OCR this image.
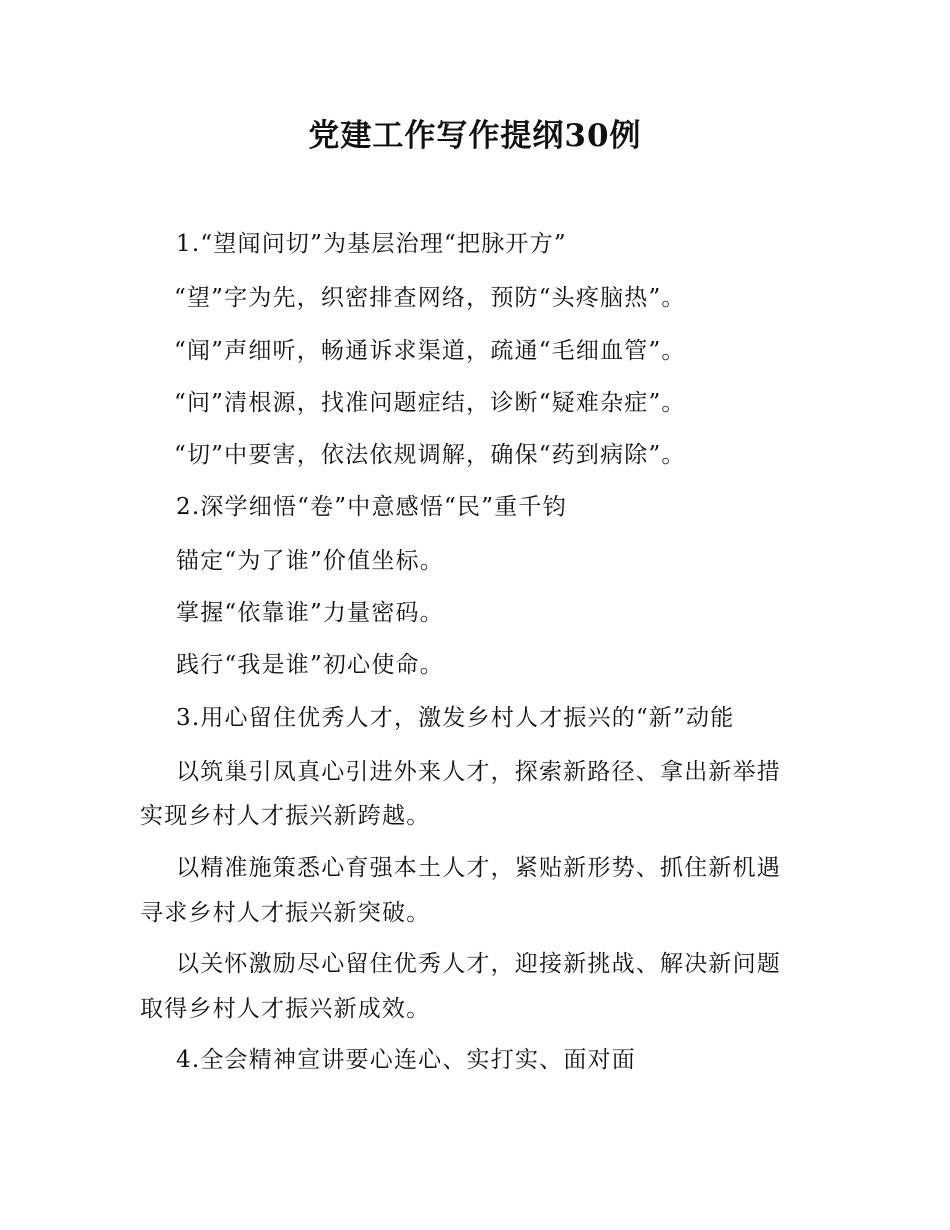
党建工作写作提纲30例
1.“望闻问切”为基层治理“把脉开方”
“望”字为先，织密排查网络，预防“头疼脑热”。
“闻”声细听，畅通诉求渠道，疏通“毛细血管”。
“问”清根源，找准问题症结，诊断“疑难杂症”。
“切”中要害，依法依规调解，确保“药到病除”。
2.深学细悟“卷”中意感悟“民”重千钧
锚定“为了谁”价值坐标。
掌握“依靠谁”力量密码。
践行“我是谁”初心使命。
3.用心留住优秀人才，激发乡村人才振兴的“新”动能
以筑巢引凤真心引进外来人才，探索新路径、拿出新举措
实现乡村人才振兴新跨越。
以精准施策悉心育强本土人才，紧贴新形势、抓住新机遇
寻求乡村人才振兴新突破。
以关怀激励尽心留住优秀人才，迎接新挑战、解决新问题
取得乡村人才振兴新成效。
4.全会精神宣讲要心连心、实打实、面对面
